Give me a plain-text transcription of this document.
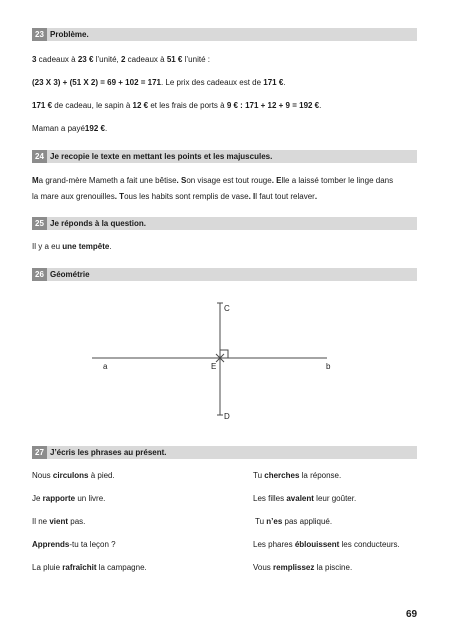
23 Problème.
3 cadeaux à 23 € l’unité, 2 cadeaux à 51 € l’unité :
(23 X 3) + (51 X 2) = 69 + 102 = 171. Le prix des cadeaux est de 171 €.
171 € de cadeau, le sapin à 12 € et les frais de ports à 9 € : 171 + 12 + 9 = 192 €.
Maman a payé192 €.
24 Je recopie le texte en mettant les points et les majuscules.
Ma grand-mère Mameth a fait une bêtise. Son visage est tout rouge. Elle a laissé tomber le linge dans
la mare aux grenouilles. Tous les habits sont remplis de vase. Il faut tout relaver.
25 Je réponds à la question.
Il y a eu une tempête.
26 Géométrie
a	b
C
D
E
27 J’écris les phrases au présent.
Nous circulons à pied.
Je rapporte un livre.
Il ne vient pas.
Apprends-tu ta leçon ?
La pluie rafraîchit la campagne.
Tu cherches la réponse.
Les filles avalent leur goûter.
Tu n’es pas appliqué.
Les phares éblouissent les conducteurs.
Vous remplissez la piscine.
69
